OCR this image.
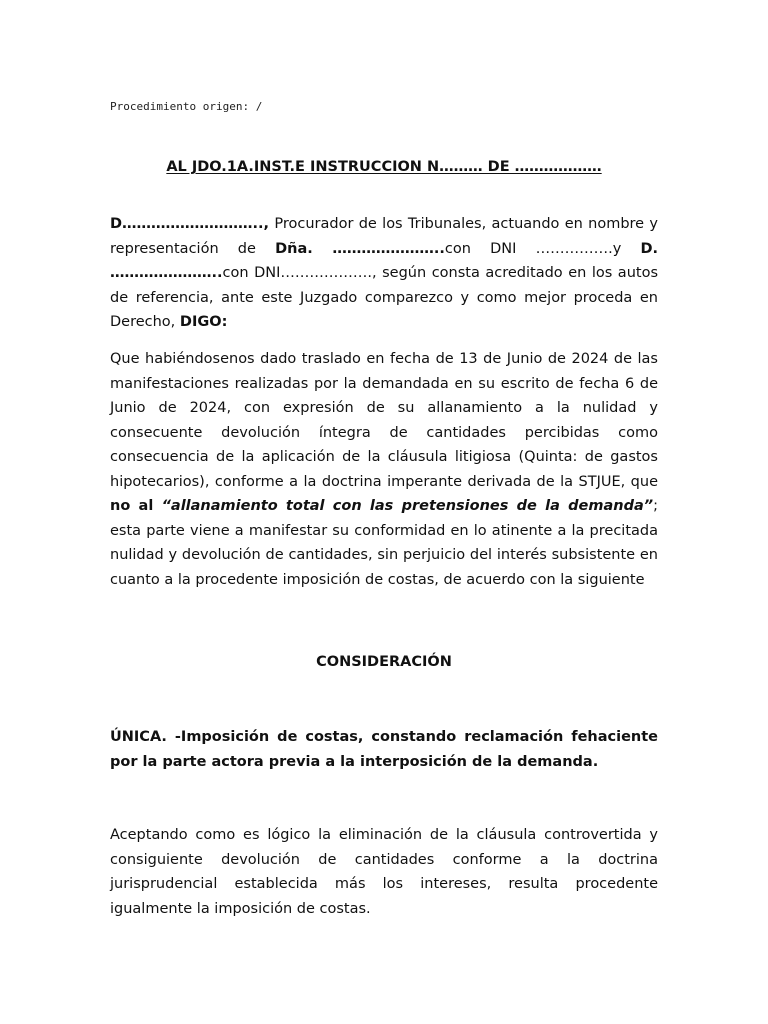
Procedimiento origen: /
AL JDO.1A.INST.E INSTRUCCION N……… DE ………………

D……………………….., Procurador de los Tribunales, actuando en nombre y representación de Dña. …………………..con DNI …………….y D. …………………..con DNI………………., según consta acreditado en los autos de referencia, ante este Juzgado comparezco y como mejor proceda en Derecho, DIGO:

Que habiéndosenos dado traslado en fecha de 13 de Junio de 2024 de las manifestaciones realizadas por la demandada en su escrito de fecha 6 de Junio de 2024, con expresión de su allanamiento a la nulidad y consecuente devolución íntegra de cantidades percibidas como consecuencia de la aplicación de la cláusula litigiosa (Quinta: de gastos hipotecarios), conforme a la doctrina imperante derivada de la STJUE, que no al “allanamiento total con las pretensiones de la demanda”; esta parte viene a manifestar su conformidad en lo atinente a la precitada nulidad y devolución de cantidades, sin perjuicio del interés subsistente en cuanto a la procedente imposición de costas, de acuerdo con la siguiente

CONSIDERACIÓN

ÚNICA. -Imposición de costas, constando reclamación fehaciente por la parte actora previa a la interposición de la demanda.

Aceptando como es lógico la eliminación de la cláusula controvertida y consiguiente devolución de cantidades conforme a la doctrina jurisprudencial establecida más los intereses, resulta procedente igualmente la imposición de costas.
